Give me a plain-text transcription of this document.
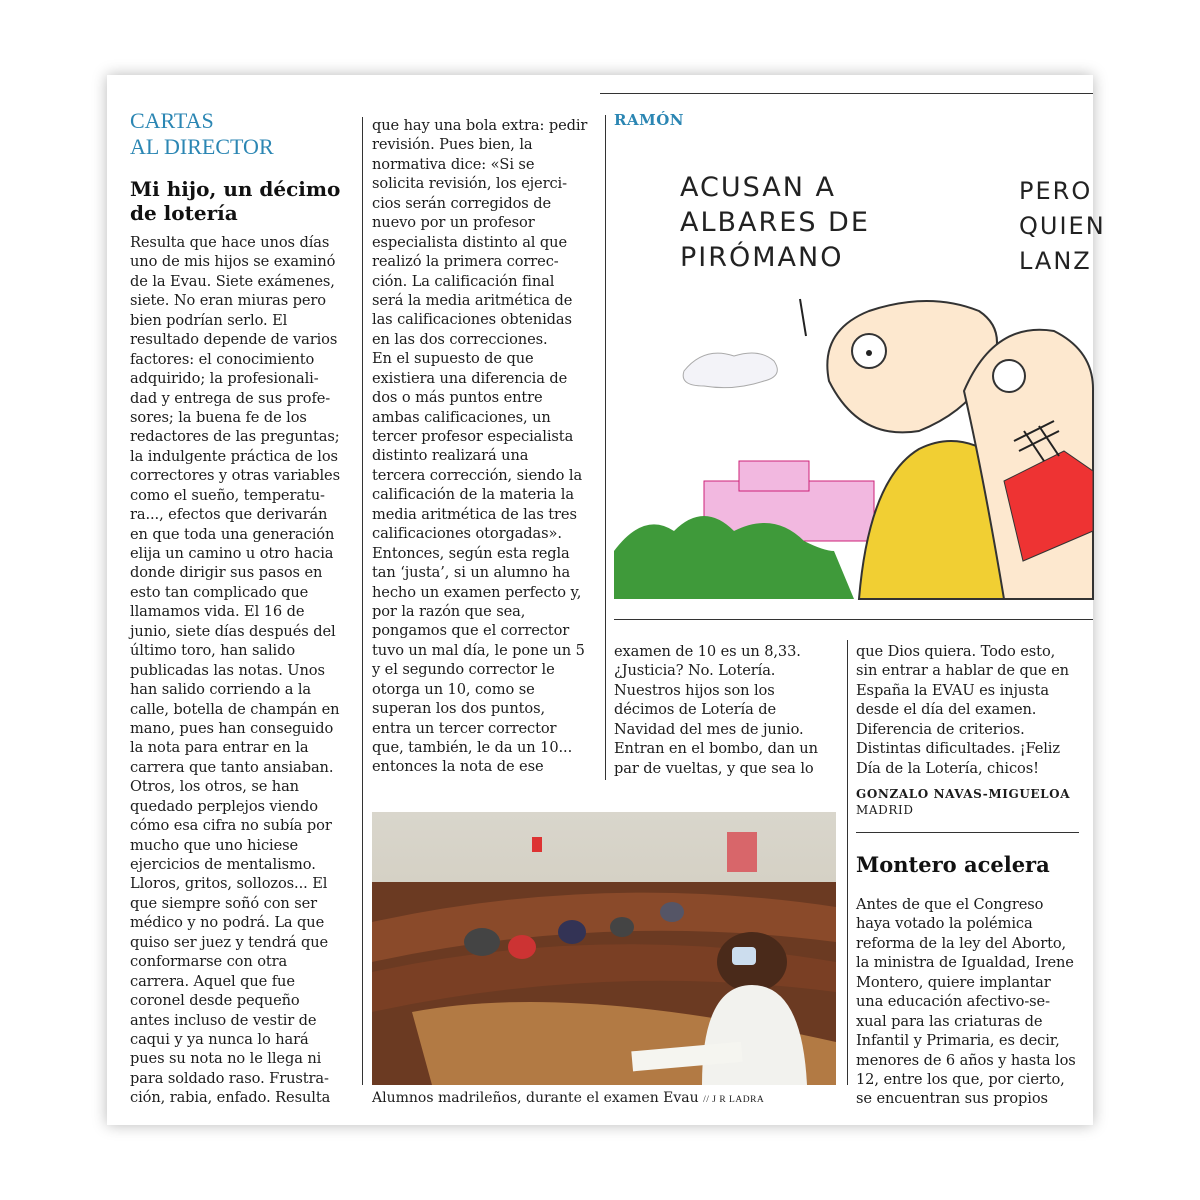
CARTAS
AL DIRECTOR
Mi hijo, un décimo
de lotería
Resulta que hace unos días
uno de mis hijos se examinó
de la Evau. Siete exámenes,
siete. No eran miuras pero
bien podrían serlo. El
resultado depende de varios
factores: el conocimiento
adquirido; la profesionali-
dad y entrega de sus profe-
sores; la buena fe de los
redactores de las preguntas;
la indulgente práctica de los
correctores y otras variables
como el sueño, temperatu-
ra..., efectos que derivarán
en que toda una generación
elija un camino u otro hacia
donde dirigir sus pasos en
esto tan complicado que
llamamos vida. El 16 de
junio, siete días después del
último toro, han salido
publicadas las notas. Unos
han salido corriendo a la
calle, botella de champán en
mano, pues han conseguido
la nota para entrar en la
carrera que tanto ansiaban.
Otros, los otros, se han
quedado perplejos viendo
cómo esa cifra no subía por
mucho que uno hiciese
ejercicios de mentalismo.
Lloros, gritos, sollozos... El
que siempre soñó con ser
médico y no podrá. La que
quiso ser juez y tendrá que
conformarse con otra
carrera. Aquel que fue
coronel desde pequeño
antes incluso de vestir de
caqui y ya nunca lo hará
pues su nota no le llega ni
para soldado raso. Frustra-
ción, rabia, enfado. Resulta
que hay una bola extra: pedir
revisión. Pues bien, la
normativa dice: «Si se
solicita revisión, los ejerci-
cios serán corregidos de
nuevo por un profesor
especialista distinto al que
realizó la primera correc-
ción. La calificación final
será la media aritmética de
las calificaciones obtenidas
en las dos correcciones.
En el supuesto de que
existiera una diferencia de
dos o más puntos entre
ambas calificaciones, un
tercer profesor especialista
distinto realizará una
tercera corrección, siendo la
calificación de la materia la
media aritmética de las tres
calificaciones otorgadas».
Entonces, según esta regla
tan ‘justa’, si un alumno ha
hecho un examen perfecto y,
por la razón que sea,
pongamos que el corrector
tuvo un mal día, le pone un 5
y el segundo corrector le
otorga un 10, como se
superan los dos puntos,
entra un tercer corrector
que, también, le da un 10...
entonces la nota de ese
examen de 10 es un 8,33.
¿Justicia? No. Lotería.
Nuestros hijos son los
décimos de Lotería de
Navidad del mes de junio.
Entran en el bombo, dan un
par de vueltas, y que sea lo
que Dios quiera. Todo esto,
sin entrar a hablar de que en
España la EVAU es injusta
desde el día del examen.
Diferencia de criterios.
Distintas dificultades. ¡Feliz
Día de la Lotería, chicos!
GONZALO NAVAS-MIGUELOA
MADRID
Montero acelera
Antes de que el Congreso
haya votado la polémica
reforma de la ley del Aborto,
la ministra de Igualdad, Irene
Montero, quiere implantar
una educación afectivo-se-
xual para las criaturas de
Infantil y Primaria, es decir,
menores de 6 años y hasta los
12, entre los que, por cierto,
se encuentran sus propios
RAMÓN
ACUSAN A
ALBARES DE
PIRÓMANO
PERO
QUIEN
LANZ
Alumnos madrileños, durante el examen Evau // J R LADRA
